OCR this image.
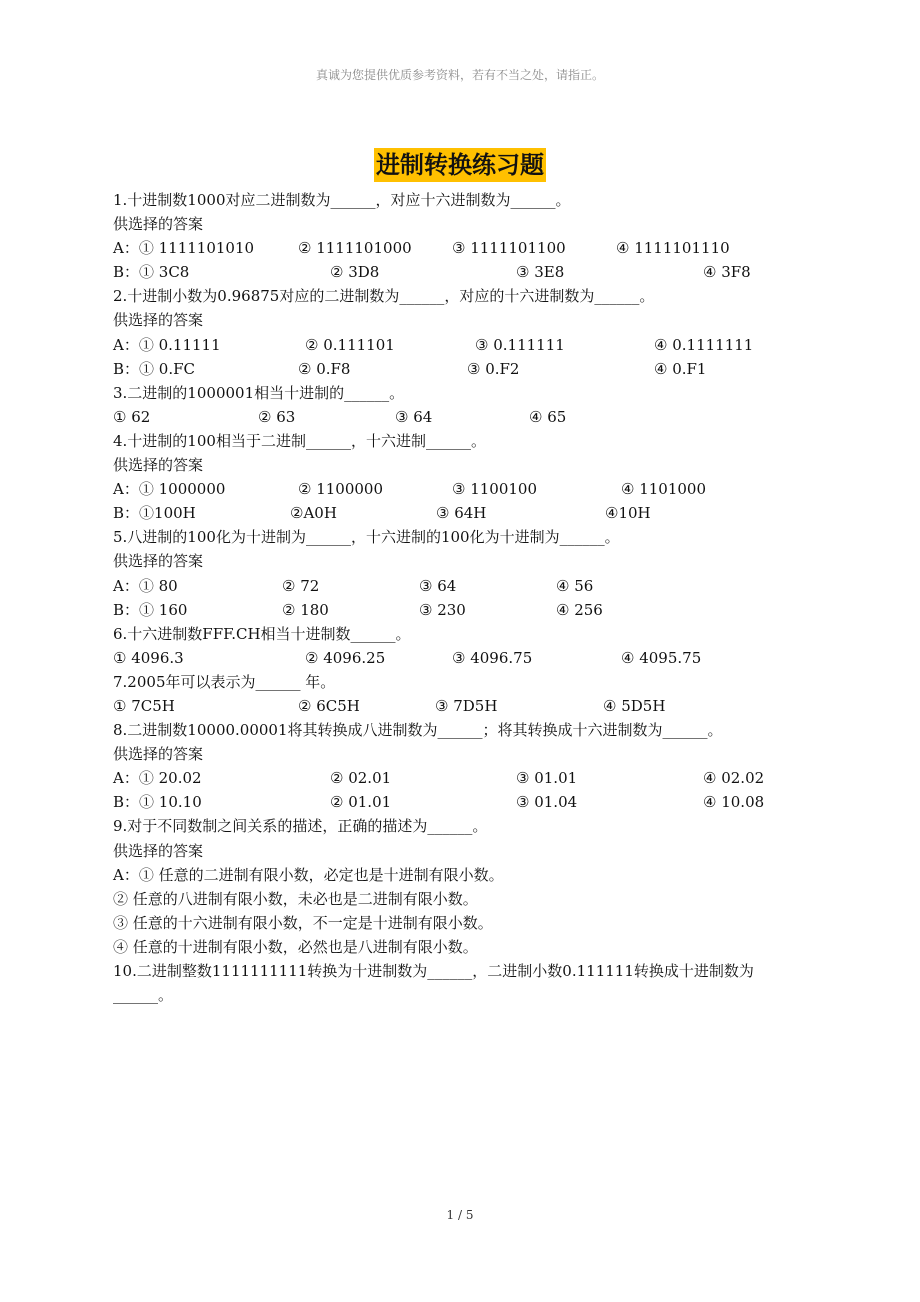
真诚为您提供优质参考资料，若有不当之处，请指正。
进制转换练习题
1.十进制数1000对应二进制数为______，对应十六进制数为______。
供选择的答案
A：① 1111101010	② 1111101000	③ 1111101100	④ 1111101110
B：① 3C8	② 3D8	③ 3E8	④ 3F8
2.十进制小数为0.96875对应的二进制数为______，对应的十六进制数为______。
供选择的答案
A：① 0.11111	② 0.111101	③ 0.111111	④ 0.1111111
B：① 0.FC	② 0.F8	③ 0.F2	④ 0.F1
3.二进制的1000001相当十进制的______。
① 62	② 63	③ 64	④ 65
4.十进制的100相当于二进制______，十六进制______。
供选择的答案
A：① 1000000	② 1100000	③ 1100100	④ 1101000
B：①100H	②A0H	③ 64H	④10H
5.八进制的100化为十进制为______，十六进制的100化为十进制为______。
供选择的答案
A：① 80	② 72	③ 64	④ 56
B：① 160	② 180	③ 230	④ 256
6.十六进制数FFF.CH相当十进制数______。
① 4096.3	② 4096.25	③ 4096.75	④ 4095.75
7.2005年可以表示为______ 年。
① 7C5H	② 6C5H	③ 7D5H	④ 5D5H
8.二进制数10000.00001将其转换成八进制数为______；将其转换成十六进制数为______。
供选择的答案
A：① 20.02	② 02.01	③ 01.01	④ 02.02
B：① 10.10	② 01.01	③ 01.04	④ 10.08
9.对于不同数制之间关系的描述，正确的描述为______。
供选择的答案
A：① 任意的二进制有限小数，必定也是十进制有限小数。
② 任意的八进制有限小数，未必也是二进制有限小数。
③ 任意的十六进制有限小数，不一定是十进制有限小数。
④ 任意的十进制有限小数，必然也是八进制有限小数。
10.二进制整数1111111111转换为十进制数为______，二进制小数0.111111转换成十进制数为
______。
1 / 5
